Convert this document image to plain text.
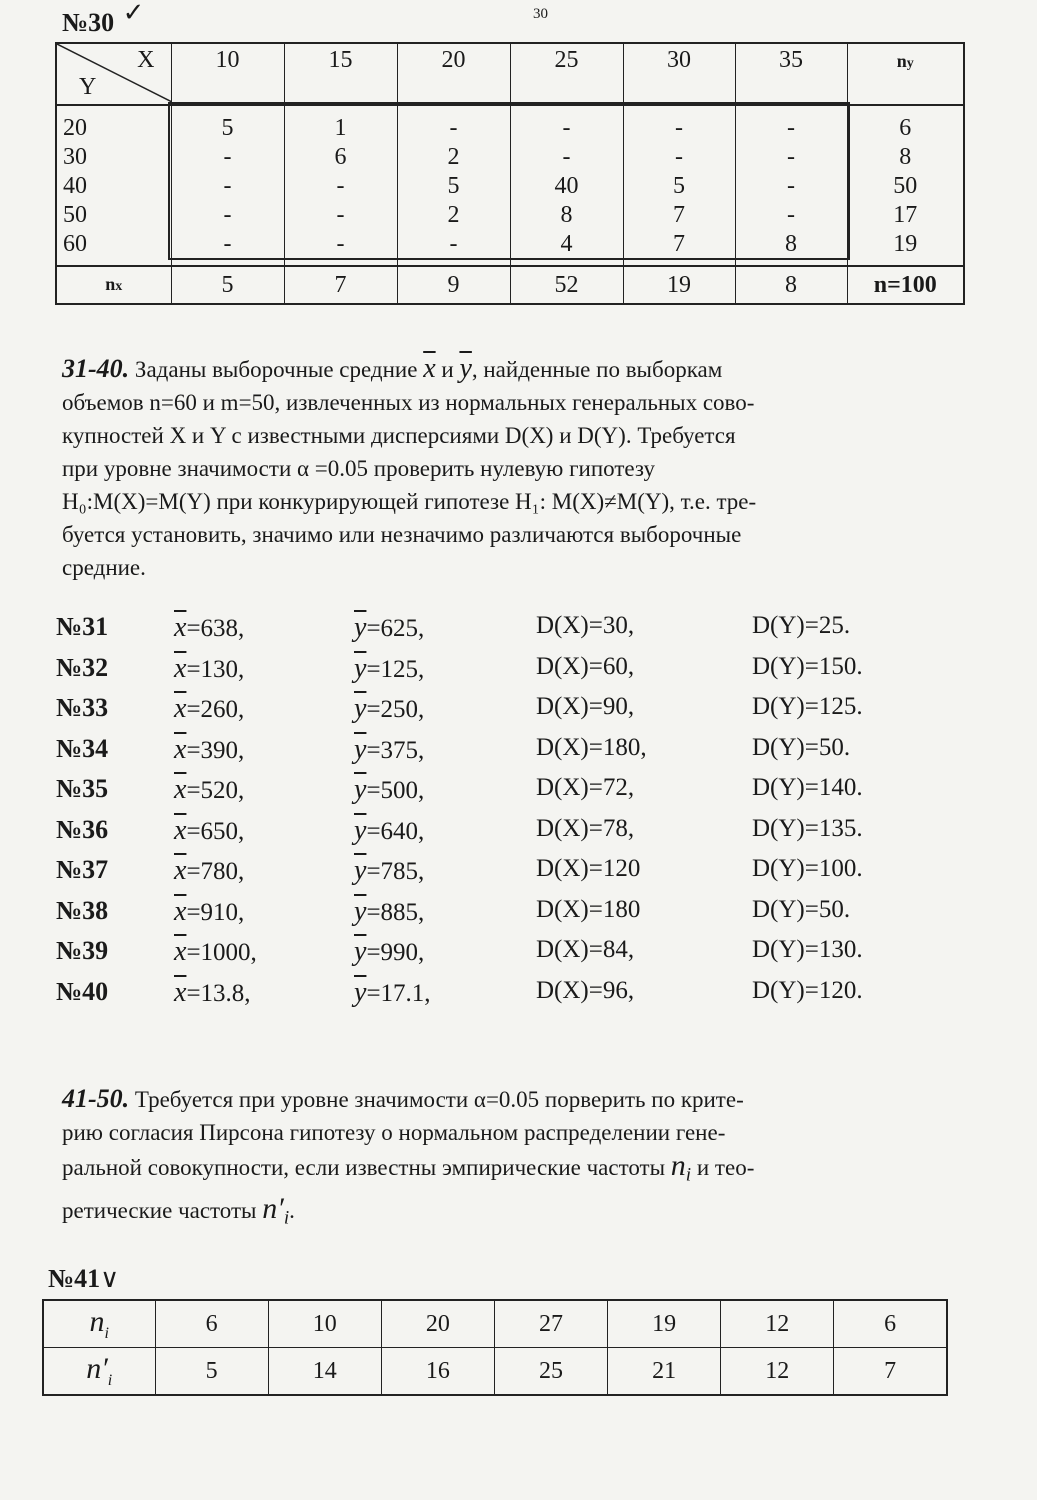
30
№30 ✓
X
Y	10	15	20	25	30	35	ny
20	5	1	-	-	-	-	6
30	-	6	2	-	-	-	8
40	-	-	5	40	5	-	50
50	-	-	2	8	7	-	17
60	-	-	-	4	7	8	19
nx	5	7	9	52	19	8	n=100
31-40. Заданы выборочные средние $\overline{x}$ и $\overline{y}$, найденные по выборкам
объемов n=60 и m=50, извлеченных из нормальных генеральных сово-
купностей X и Y с известными дисперсиями D(X) и D(Y). Требуется
при уровне значимости α =0.05 проверить нулевую гипотезу
H₀:M(X)=M(Y) при конкурирующей гипотезе H₁: M(X)≠M(Y), т.е. тре-
буется установить, значимо или незначимо различаются выборочные
средние.
№31 $\overline{x}=638$,	$\overline{y}=625$,	D(X)=30,	D(Y)=25.
№32 $\overline{x}=130$,	$\overline{y}=125$,	D(X)=60,	D(Y)=150.
№33 $\overline{x}=260$,	$\overline{y}=250$,	D(X)=90,	D(Y)=125.
№34 $\overline{x}=390$,	$\overline{y}=375$,	D(X)=180,	D(Y)=50.
№35 $\overline{x}=520$,	$\overline{y}=500$,	D(X)=72,	D(Y)=140.
№36 $\overline{x}=650$,	$\overline{y}=640$,	D(X)=78,	D(Y)=135.
№37 $\overline{x}=780$,	$\overline{y}=785$,	D(X)=120	D(Y)=100.
№38 $\overline{x}=910$,	$\overline{y}=885$,	D(X)=180	D(Y)=50.
№39 $\overline{x}=1000$,	$\overline{y}=990$,	D(X)=84,	D(Y)=130.
№40 $\overline{x}=13.8$,	$\overline{y}=17.1$,	D(X)=96,	D(Y)=120.
41-50. Требуется при уровне значимости α=0.05 порверить по крите-
рию согласия Пирсона гипотезу о нормальном распределении гене-
ральной совокупности, если известны эмпирические частоты $n_i$ и тео-
ретические частоты $n'_i$.
№41∨
$n_i$	6	10	20	27	19	12	6
$n'_i$	5	14	16	25	21	12	7
